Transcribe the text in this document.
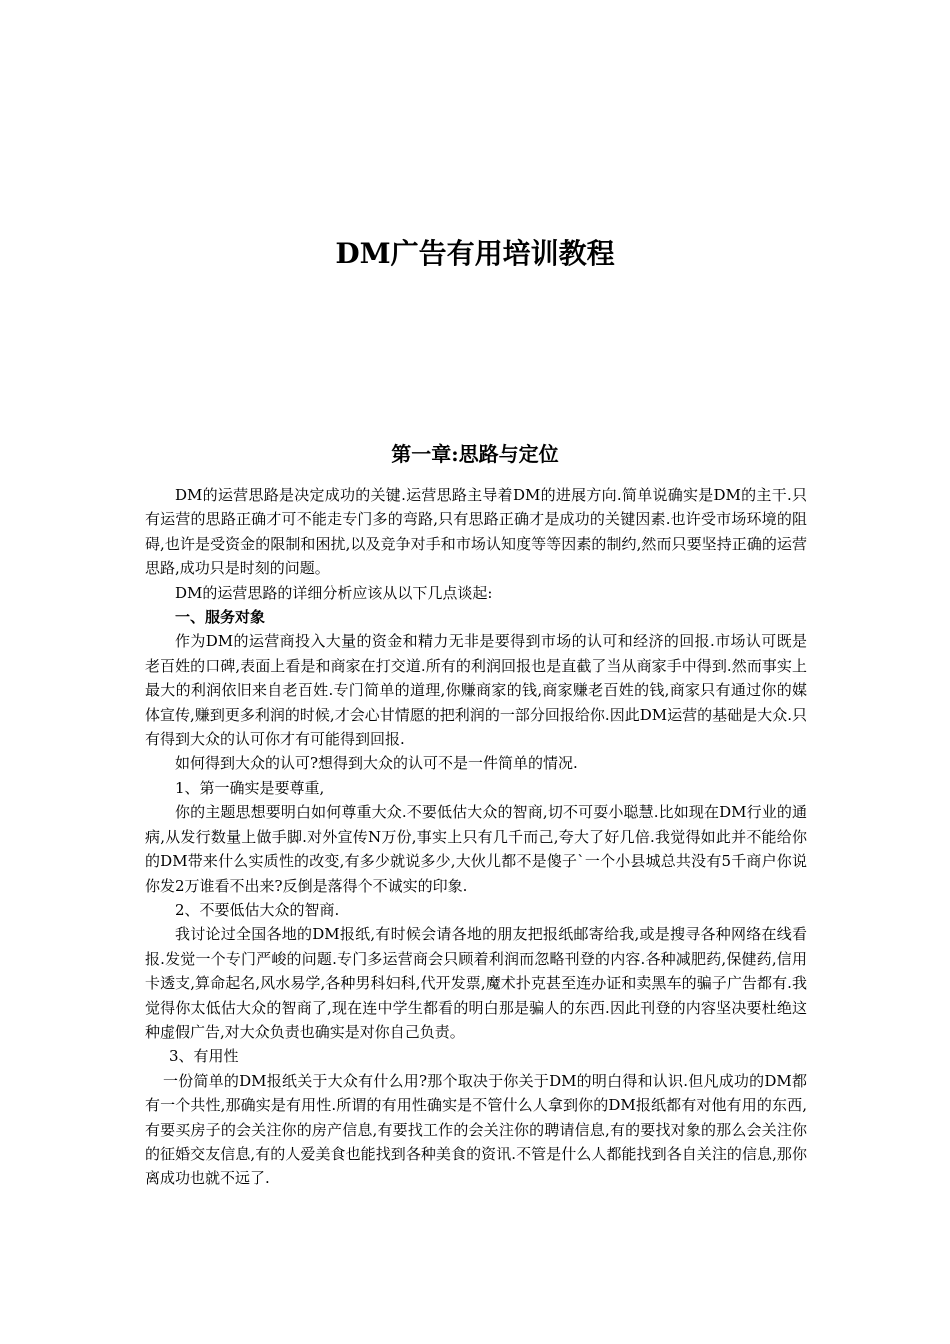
DM广告有用培训教程
第一章:思路与定位

DM的运营思路是决定成功的关键.运营思路主导着DM的进展方向.简单说确实是DM的主干.只有运营的思路正确才可不能走专门多的弯路,只有思路正确才是成功的关键因素.也许受市场环境的阻碍,也许是受资金的限制和困扰,以及竞争对手和市场认知度等等因素的制约,然而只要坚持正确的运营思路,成功只是时刻的问题。

DM的运营思路的详细分析应该从以下几点谈起:

一、服务对象

作为DM的运营商投入大量的资金和精力无非是要得到市场的认可和经济的回报.市场认可既是老百姓的口碑,表面上看是和商家在打交道.所有的利润回报也是直截了当从商家手中得到.然而事实上最大的利润依旧来自老百姓.专门简单的道理,你赚商家的钱,商家赚老百姓的钱,商家只有通过你的媒体宣传,赚到更多利润的时候,才会心甘情愿的把利润的一部分回报给你.因此DM运营的基础是大众.只有得到大众的认可你才有可能得到回报.

如何得到大众的认可?想得到大众的认可不是一件简单的情况.

1、第一确实是要尊重,

你的主题思想要明白如何尊重大众.不要低估大众的智商,切不可耍小聪慧.比如现在DM行业的通病,从发行数量上做手脚.对外宣传N万份,事实上只有几千而己,夸大了好几倍.我觉得如此并不能给你的DM带来什么实质性的改变,有多少就说多少,大伙儿都不是傻子`一个小县城总共没有5千商户你说你发2万谁看不出来?反倒是落得个不诚实的印象.

2、不要低估大众的智商.

我讨论过全国各地的DM报纸,有时候会请各地的朋友把报纸邮寄给我,或是搜寻各种网络在线看报.发觉一个专门严峻的问题.专门多运营商会只顾着利润而忽略刊登的内容.各种减肥药,保健药,信用卡透支,算命起名,风水易学,各种男科妇科,代开发票,魔术扑克甚至连办证和卖黑车的骗子广告都有.我觉得你太低估大众的智商了,现在连中学生都看的明白那是骗人的东西.因此刊登的内容坚决要杜绝这种虚假广告,对大众负责也确实是对你自己负责。

3、有用性

一份简单的DM报纸关于大众有什么用?那个取决于你关于DM的明白得和认识.但凡成功的DM都有一个共性,那确实是有用性.所谓的有用性确实是不管什么人拿到你的DM报纸都有对他有用的东西,有要买房子的会关注你的房产信息,有要找工作的会关注你的聘请信息,有的要找对象的那么会关注你的征婚交友信息,有的人爱美食也能找到各种美食的资讯.不管是什么人都能找到各自关注的信息,那你离成功也就不远了.
